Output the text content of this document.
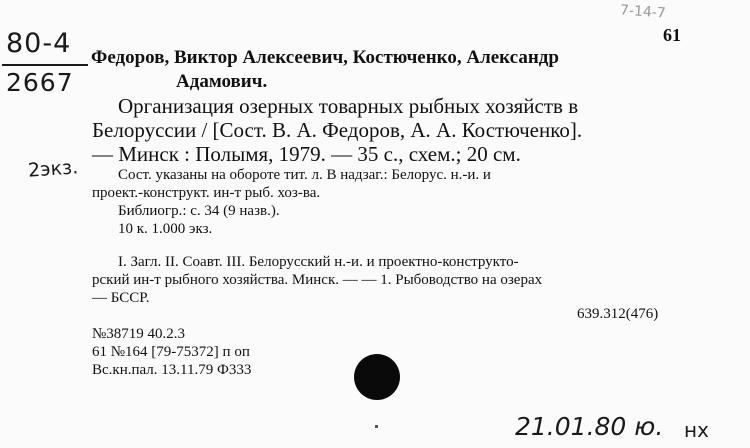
7-14-7
80-4
2667
2экз.
21.01.80 ю. нх
61
Федоров, Виктор Алексеевич, Костюченко, Александр
Адамович.
Организация озерных товарных рыбных хозяйств в
Белоруссии / [Сост. В. А. Федоров, А. А. Костюченко].
— Минск : Полымя, 1979. — 35 с., схем.; 20 см.
Сост. указаны на обороте тит. л. В надзаг.: Белорус. н.-и. и
проект.-конструкт. ин-т рыб. хоз-ва.
Библиогр.: с. 34 (9 назв.).
10 к. 1.000 экз.
I. Загл. II. Соавт. III. Белорусский н.-и. и проектно-конструкто-
рский ин-т рыбного хозяйства. Минск. — — 1. Рыбоводство на озерах
— БССР.
639.312(476)
№38719 40.2.3
61 №164 [79-75372] п оп
Вс.кн.пал. 13.11.79 Ф333
